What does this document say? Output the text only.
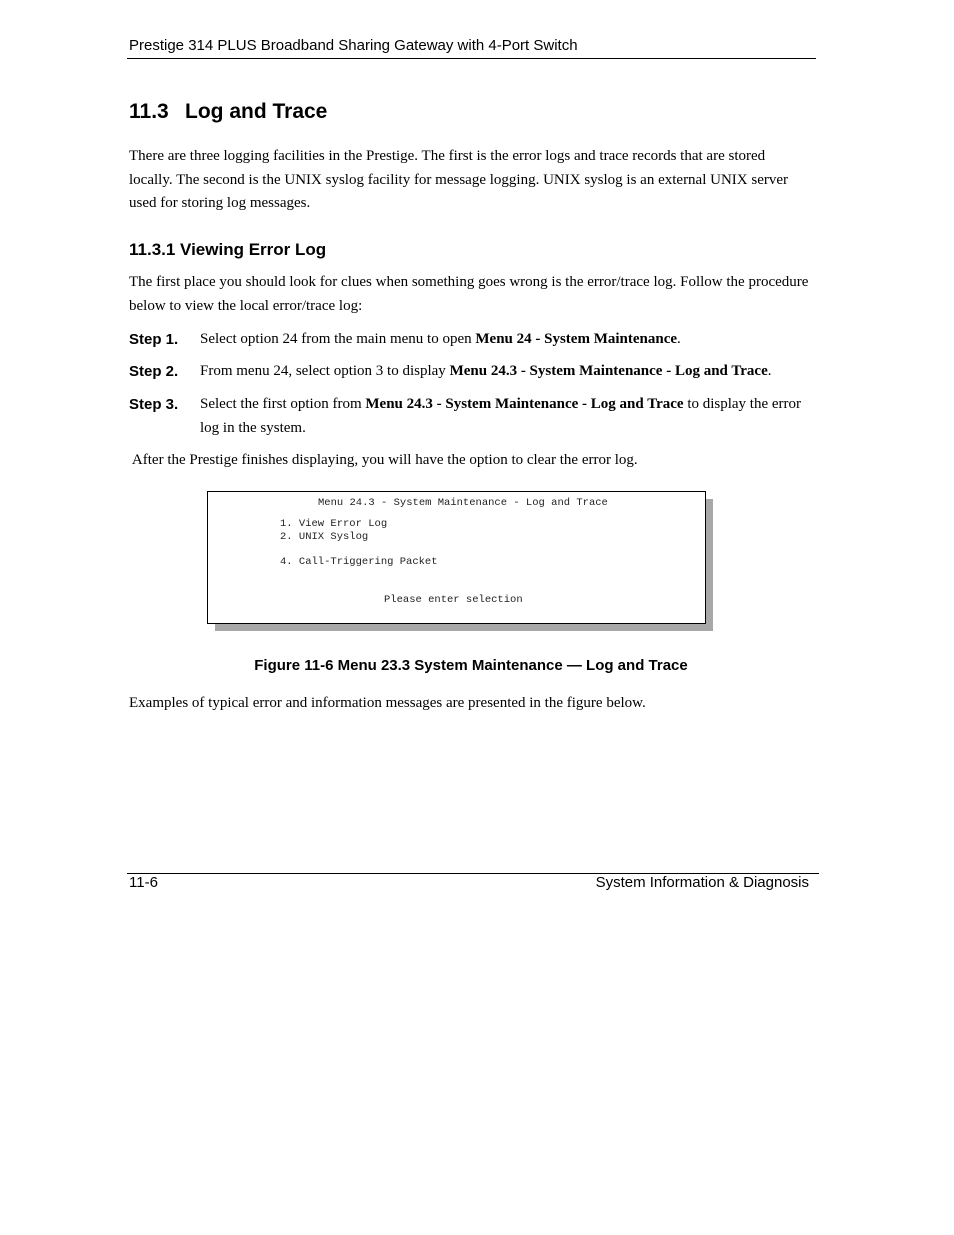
Prestige 314 PLUS Broadband Sharing Gateway with 4-Port Switch
11.3 Log and Trace
There are three logging facilities in the Prestige. The first is the error logs and trace records that are stored locally. The second is the UNIX syslog facility for message logging. UNIX syslog is an external UNIX server used for storing log messages.
11.3.1 Viewing Error Log
The first place you should look for clues when something goes wrong is the error/trace log. Follow the procedure below to view the local error/trace log:
Step 1. Select option 24 from the main menu to open Menu 24 - System Maintenance.
Step 2. From menu 24, select option 3 to display Menu 24.3 - System Maintenance - Log and Trace.
Step 3. Select the first option from Menu 24.3 - System Maintenance - Log and Trace to display the error log in the system.
After the Prestige finishes displaying, you will have the option to clear the error log.
Menu 24.3 - System Maintenance - Log and Trace
1. View Error Log
2. UNIX Syslog
4. Call-Triggering Packet
Please enter selection
Figure 11-6 Menu 23.3 System Maintenance — Log and Trace
Examples of typical error and information messages are presented in the figure below.
11-6	System Information & Diagnosis
